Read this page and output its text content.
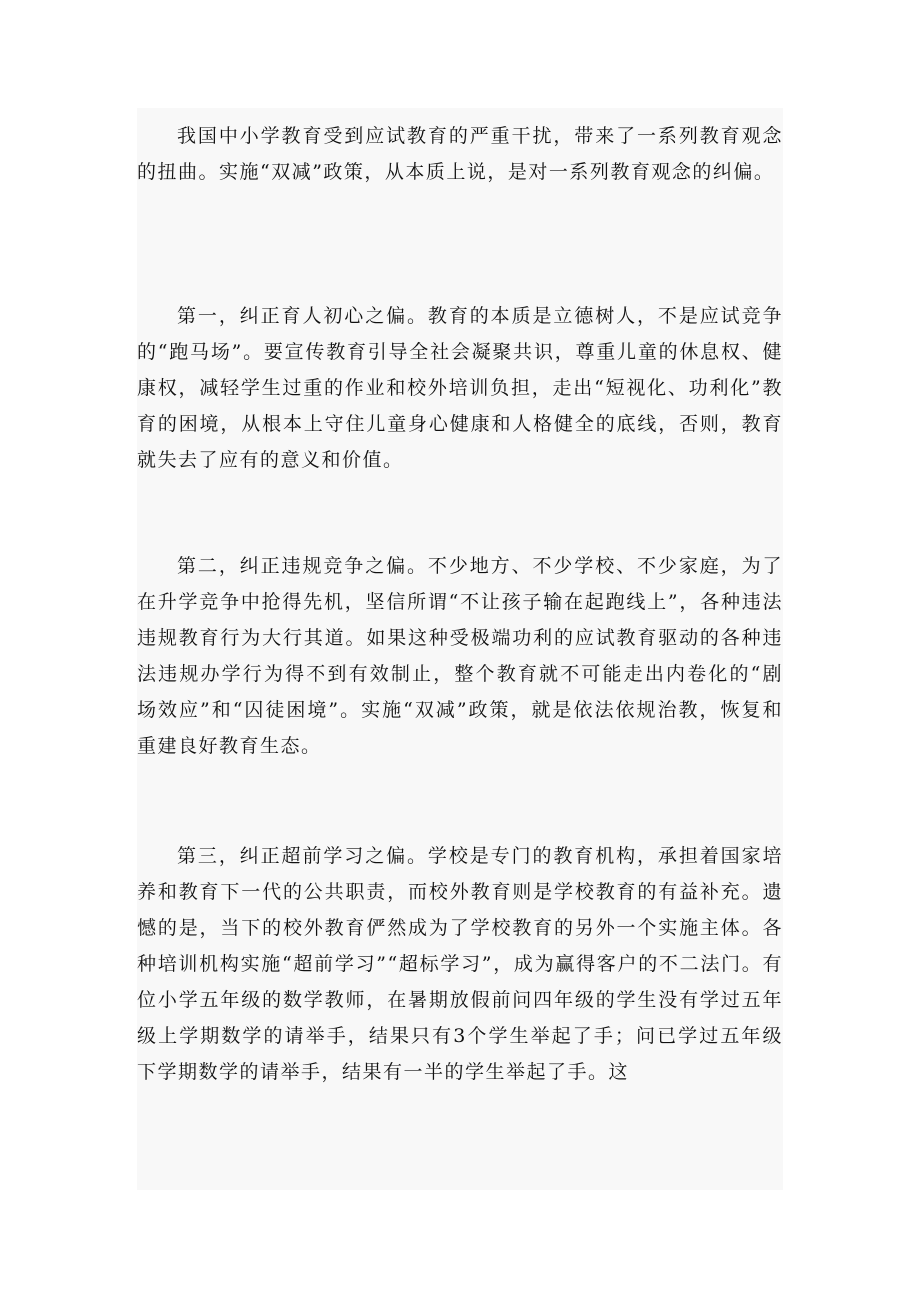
我国中小学教育受到应试教育的严重干扰，带来了一系列教育观念的扭曲。实施“双减”政策，从本质上说，是对一系列教育观念的纠偏。

第一，纠正育人初心之偏。教育的本质是立德树人，不是应试竞争的“跑马场”。要宣传教育引导全社会凝聚共识，尊重儿童的休息权、健康权，减轻学生过重的作业和校外培训负担，走出“短视化、功利化”教育的困境，从根本上守住儿童身心健康和人格健全的底线，否则，教育就失去了应有的意义和价值。

第二，纠正违规竞争之偏。不少地方、不少学校、不少家庭，为了在升学竞争中抢得先机，坚信所谓“不让孩子输在起跑线上”，各种违法违规教育行为大行其道。如果这种受极端功利的应试教育驱动的各种违法违规办学行为得不到有效制止，整个教育就不可能走出内卷化的“剧场效应”和“囚徒困境”。实施“双减”政策，就是依法依规治教，恢复和重建良好教育生态。

第三，纠正超前学习之偏。学校是专门的教育机构，承担着国家培养和教育下一代的公共职责，而校外教育则是学校教育的有益补充。遗憾的是，当下的校外教育俨然成为了学校教育的另外一个实施主体。各种培训机构实施“超前学习”“超标学习”，成为赢得客户的不二法门。有位小学五年级的数学教师，在暑期放假前问四年级的学生没有学过五年级上学期数学的请举手，结果只有3个学生举起了手；问已学过五年级下学期数学的请举手，结果有一半的学生举起了手。这
